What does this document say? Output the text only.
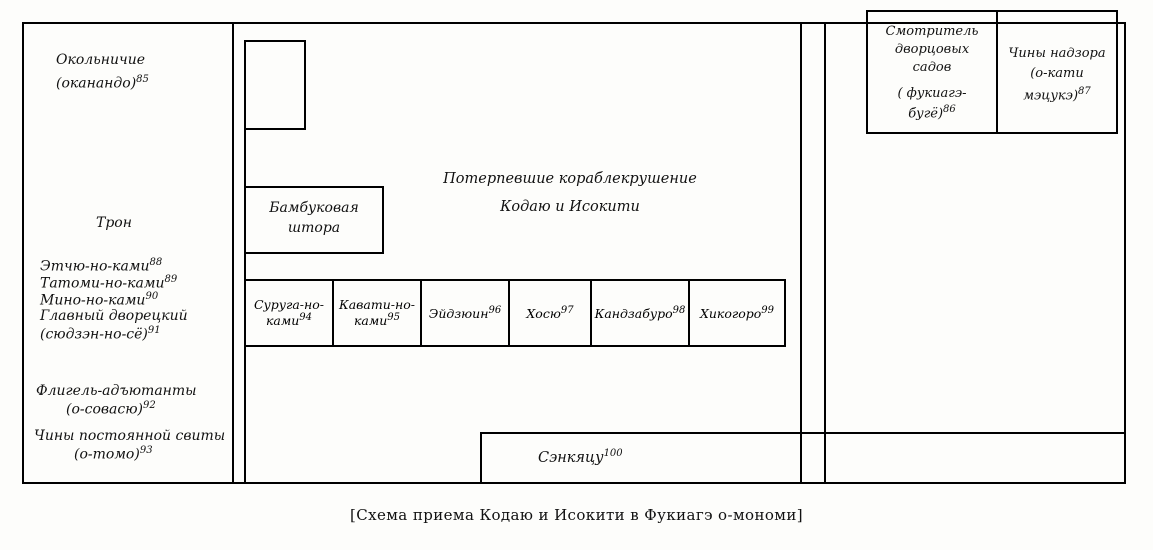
Окольничие
(оканандо)$^{85}$
Трон
Этчю-но-ками$^{88}$
Татоми-но-ками$^{89}$
Мино-но-ками$^{90}$
Главный дворецкий
(сюдзэн-но-сё)$^{91}$
Флигель-адъютанты
(о-совасю)$^{92}$
Чины постоянной свиты
(о-томо)$^{93}$
Бамбуковая
штора
Потерпевшие кораблекрушение
Кодаю и Исокити
Суруга-но-
ками$^{94}$
Кавати-но-
ками$^{95}$	Эйдзюин$^{96}$ Хосю$^{97}$ Кандзабуро$^{98}$ Хикогоро$^{99}$
Смотритель
дворцовых
садов
( фукиагэ-
бугё)$^{86}$
Чины надзора
(о-кати
мэцукэ)$^{87}$
Сэнкяцу$^{100}$
[Схема приема Кодаю и Исокити в Фукиагэ о-мономи]
